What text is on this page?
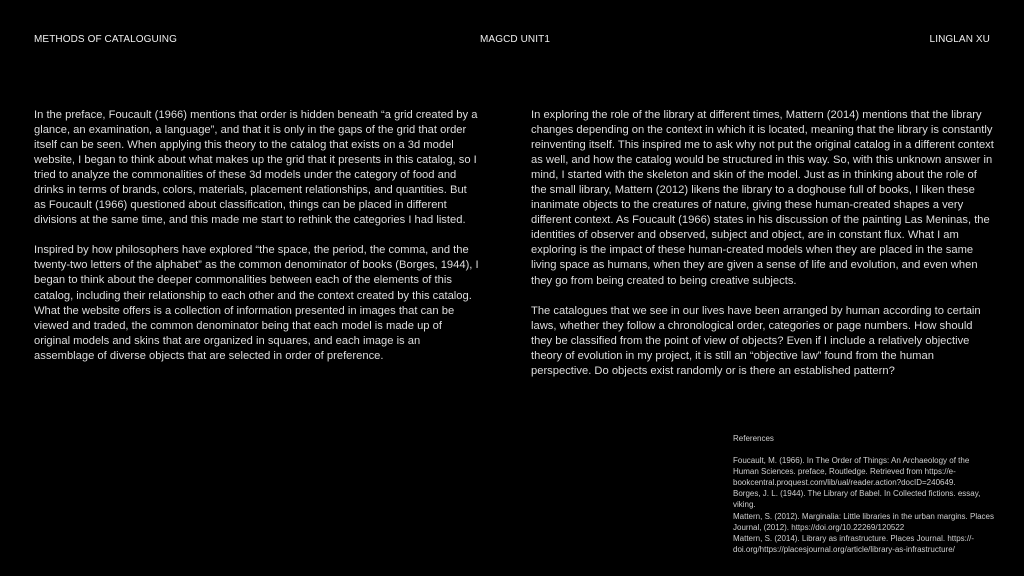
METHODS OF CATALOGUING	MAGCD UNIT1	LINGLAN XU

In the preface, Foucault (1966) mentions that order is hidden beneath “a grid created by a glance, an examination, a language”, and that it is only in the gaps of the grid that order itself can be seen. When applying this theory to the catalog that exists on a 3d model website, I began to think about what makes up the grid that it presents in this catalog, so I tried to analyze the commonalities of these 3d models under the category of food and drinks in terms of brands, colors, materials, placement relationships, and quantities. But as Foucault (1966) questioned about classification, things can be placed in different divisions at the same time, and this made me start to rethink the categories I had listed.

Inspired by how philosophers have explored “the space, the period, the comma, and the twenty-two letters of the alphabet” as the common denominator of books (Borges, 1944), I began to think about the deeper commonalities between each of the elements of this catalog, including their relationship to each other and the context created by this catalog. What the website offers is a collection of information presented in images that can be viewed and traded, the common denominator being that each model is made up of original models and skins that are organized in squares, and each image is an assemblage of diverse objects that are selected in order of preference.

In exploring the role of the library at different times, Mattern (2014) mentions that the library changes depending on the context in which it is located, meaning that the library is constantly reinventing itself. This inspired me to ask why not put the original catalog in a different context as well, and how the catalog would be structured in this way. So, with this unknown answer in mind, I started with the skeleton and skin of the model. Just as in thinking about the role of the small library, Mattern (2012) likens the library to a doghouse full of books, I liken these inanimate objects to the creatures of nature, giving these human-created shapes a very different context. As Foucault (1966) states in his discussion of the painting Las Meninas, the identities of observer and observed, subject and object, are in constant flux. What I am exploring is the impact of these human-created models when they are placed in the same living space as humans, when they are given a sense of life and evolution, and even when they go from being created to being creative subjects.

The catalogues that we see in our lives have been arranged by human according to certain laws, whether they follow a chronological order, categories or page numbers. How should they be classified from the point of view of objects? Even if I include a relatively objective theory of evolution in my project, it is still an “objective law” found from the human perspective. Do objects exist randomly or is there an established pattern?

References

Foucault, M. (1966). In The Order of Things: An Archaeology of the Human Sciences. preface, Routledge. Retrieved from https://e-bookcentral.proquest.com/lib/ual/reader.action?docID=240649.

Borges, J. L. (1944). The Library of Babel. In Collected fictions. essay, viking.

Mattern, S. (2012). Marginalia: Little libraries in the urban margins. Places Journal, (2012). https://doi.org/10.22269/120522

Mattern, S. (2014). Library as infrastructure. Places Journal. https://-doi.org/https://placesjournal.org/article/library-as-infrastructure/
